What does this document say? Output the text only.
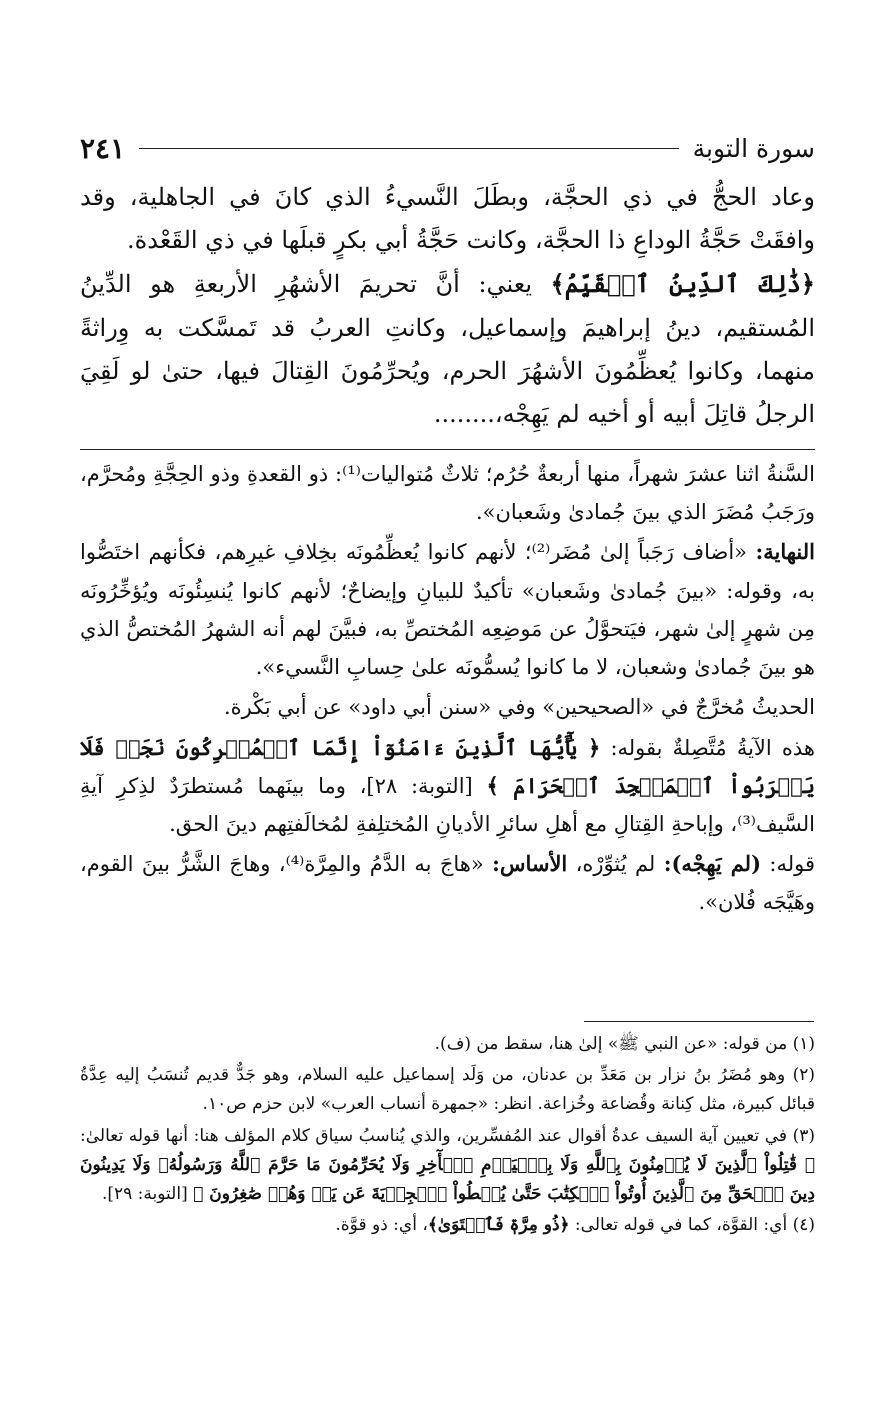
سورة التوبة
٢٤١

وعاد الحجُّ في ذي الحجَّة، وبطَلَ النَّسيءُ الذي كانَ في الجاهلية، وقد وافقَتْ حَجَّةُ الوداعِ ذا الحجَّة، وكانت حَجَّةُ أبي بكرٍ قبلَها في ذي القَعْدة.

﴿ذَٰلِكَ ٱلدِّينُ ٱلۡقَيِّمُ﴾ يعني: أنَّ تحريمَ الأشهُرِ الأربعةِ هو الدِّينُ المُستقيم، دينُ إبراهيمَ وإسماعيل، وكانتِ العربُ قد تَمسَّكت به وِراثةً منهما، وكانوا يُعظِّمُونَ الأشهُرَ الحرم، ويُحرِّمُونَ القِتالَ فيها، حتىٰ لو لَقِيَ الرجلُ قاتِلَ أبيه أو أخيه لم يَهِجْه،........

السَّنةُ اثنا عشرَ شهراً، منها أربعةٌ حُرُم؛ ثلاثٌ مُتواليات⁽¹⁾: ذو القعدةِ وذو الحِجَّةِ ومُحرَّم، ورَجَبُ مُضَرَ الذي بينَ جُمادىٰ وشَعبان».

النهاية: «أضاف رَجَباً إلىٰ مُضَر⁽²⁾؛ لأنهم كانوا يُعظِّمُونَه بخِلافِ غيرِهم، فكأنهم اختَصُّوا به، وقوله: «بينَ جُمادىٰ وشَعبان» تأكيدٌ للبيانِ وإيضاحٌ؛ لأنهم كانوا يُنسِئُونَه ويُؤخِّرُونَه مِن شهرٍ إلىٰ شهر، فيَتحوَّلُ عن مَوضِعِه المُختصِّ به، فبيَّنَ لهم أنه الشهرُ المُختصُّ الذي هو بينَ جُمادىٰ وشعبان، لا ما كانوا يُسمُّونَه علىٰ حِسابِ النَّسيء».

الحديثُ مُخرَّجٌ في «الصحيحين» وفي «سنن أبي داود» عن أبي بَكْرة.

هذه الآيةُ مُتَّصِلةٌ بقوله: ﴿ يَٰٓأَيُّهَا ٱلَّذِينَ ءَامَنُوٓاْ إِنَّمَا ٱلۡمُشۡرِكُونَ نَجَسٞ فَلَا يَقۡرَبُواْ ٱلۡمَسۡجِدَ ٱلۡحَرَامَ ﴾ [التوبة: ٢٨]، وما بينَهما مُستطرَدٌ لذِكرِ آيةِ السَّيف⁽³⁾، وإباحةِ القِتالِ مع أهلِ سائرِ الأديانِ المُختلِفةِ لمُخالَفتِهم دينَ الحق.

قوله: (لم يَهِجْه): لم يُثوِّرْه، الأساس: «هاجَ به الدَّمُ والمِرَّة⁽⁴⁾، وهاجَ الشَّرُّ بينَ القوم، وهَيَّجَه فُلان».

(١) من قوله: «عن النبي ﷺ» إلىٰ هنا، سقط من (ف).

(٢) وهو مُضَرُ بنُ نزار بن مَعَدِّ بن عدنان، من وَلَد إسماعيل عليه السلام، وهو جَدٌّ قديم تُنسَبُ إليه عِدَّةُ قبائل كبيرة، مثل كِنانة وقُضاعة وخُزاعة. انظر: «جمهرة أنساب العرب» لابن حزم ص١٠.

(٣) في تعيين آية السيف عدةُ أقوال عند المُفسِّرين، والذي يُناسبُ سياق كلام المؤلف هنا: أنها قوله تعالىٰ: ﴿ قَٰتِلُواْ ٱلَّذِينَ لَا يُؤۡمِنُونَ بِٱللَّهِ وَلَا بِٱلۡيَوۡمِ ٱلۡأٓخِرِ وَلَا يُحَرِّمُونَ مَا حَرَّمَ ٱللَّهُ وَرَسُولُهُۥ وَلَا يَدِينُونَ دِينَ ٱلۡحَقِّ مِنَ ٱلَّذِينَ أُوتُواْ ٱلۡكِتَٰبَ حَتَّىٰ يُعۡطُواْ ٱلۡجِزۡيَةَ عَن يَدٖ وَهُمۡ صَٰغِرُونَ ﴾ [التوبة: ٢٩].

(٤) أي: القوَّة، كما في قوله تعالى: ﴿ذُو مِرَّةٖ فَٱسۡتَوَىٰ﴾، أي: ذو قوَّة.
